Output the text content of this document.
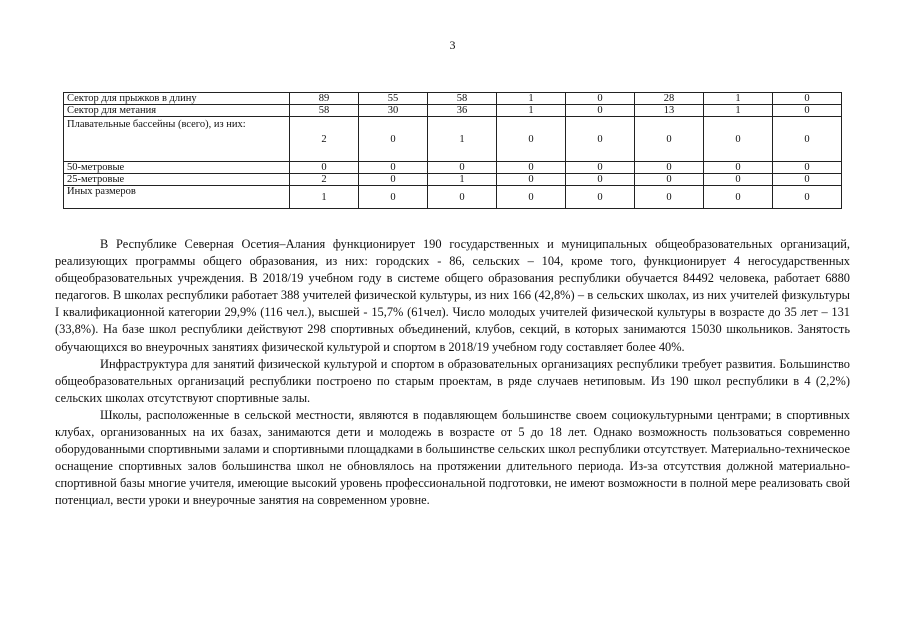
3
Сектор для прыжков в длину	89	55	58	1	0	28	1	0
Сектор для метания	58	30	36	1	0	13	1	0
Плавательные бассейны (всего), из них:	2	0	1	0	0	0	0	0
50-метровые	0	0	0	0	0	0	0	0
25-метровые	2	0	1	0	0	0	0	0
Иных размеров	1	0	0	0	0	0	0	0

В Республике Северная Осетия–Алания функционирует 190 государственных и муниципальных общеобразовательных организаций, реализующих программы общего образования, из них: городских - 86, сельских – 104, кроме того, функционирует 4 негосударственных общеобразовательных учреждения. В 2018/19 учебном году в системе общего образования республики обучается 84492 человека, работает 6880 педагогов. В школах республики работает 388 учителей физической культуры, из них 166 (42,8%) – в сельских школах, из них учителей физкультуры I квалификационной категории 29,9% (116 чел.), высшей - 15,7% (61чел). Число молодых учителей физической культуры в возрасте до 35 лет – 131 (33,8%). На базе школ республики действуют 298 спортивных объединений, клубов, секций, в которых занимаются 15030 школьников. Занятость обучающихся во внеурочных занятиях физической культурой и спортом в 2018/19 учебном году составляет более 40%.

Инфраструктура для занятий физической культурой и спортом в образовательных организациях республики требует развития. Большинство общеобразовательных организаций республики построено по старым проектам, в ряде случаев нетиповым. Из 190 школ республики в 4 (2,2%) сельских школах отсутствуют спортивные залы.

Школы, расположенные в сельской местности, являются в подавляющем большинстве своем социокультурными центрами; в спортивных клубах, организованных на их базах, занимаются дети и молодежь в возрасте от 5 до 18 лет. Однако возможность пользоваться современно оборудованными спортивными залами и спортивными площадками в большинстве сельских школ республики отсутствует. Материально-техническое оснащение спортивных залов большинства школ не обновлялось на протяжении длительного периода. Из-за отсутствия должной материально-спортивной базы многие учителя, имеющие высокий уровень профессиональной подготовки, не имеют возможности в полной мере реализовать свой потенциал, вести уроки и внеурочные занятия на современном уровне.
